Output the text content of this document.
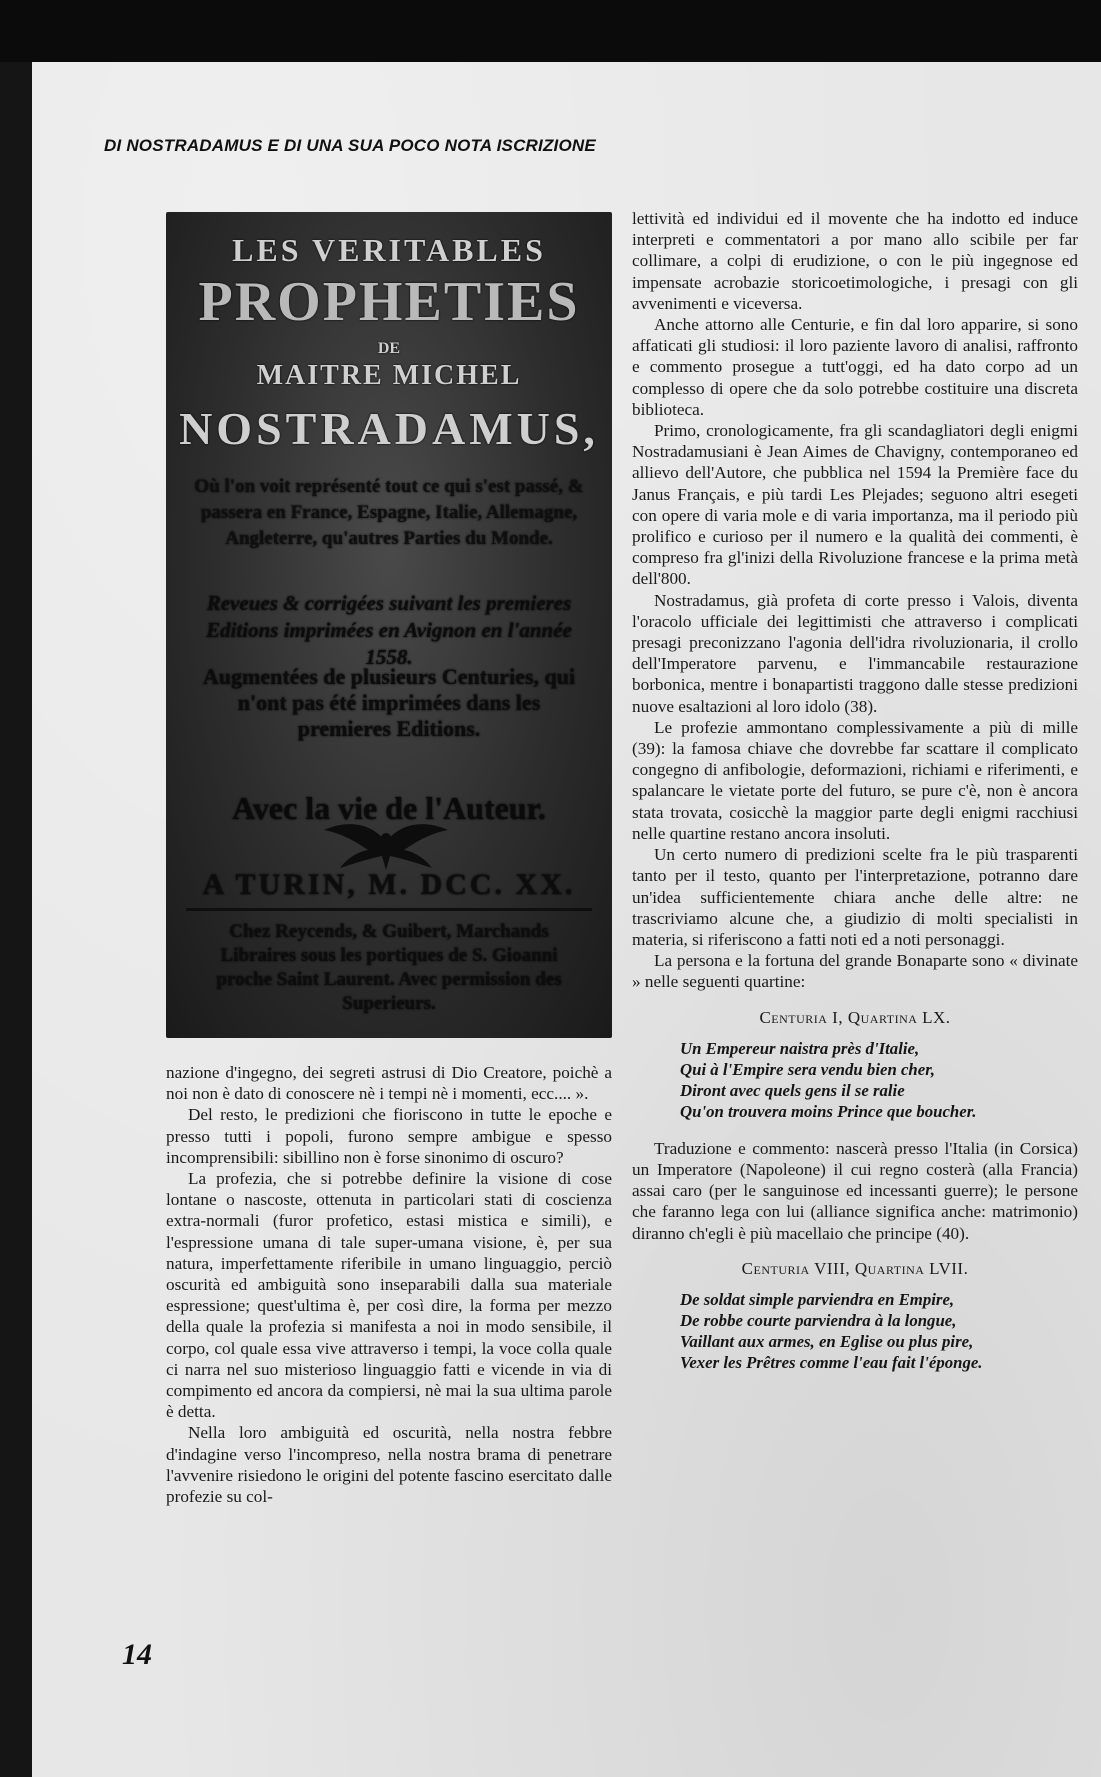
DI NOSTRADAMUS E DI UNA SUA POCO NOTA ISCRIZIONE
LES VERITABLES
PROPHETIES
DE
MAITRE MICHEL
NOSTRADAMUS,
Où l'on voit représenté tout ce qui s'est passé, & passera en France, Espagne, Italie, Allemagne, Angleterre, qu'autres Parties du Monde.
Reveues & corrigées suivant les premieres Editions imprimées en Avignon en l'année 1558.
Augmentées de plusieurs Centuries, qui n'ont pas été imprimées dans les premieres Editions.
Avec la vie de l'Auteur.
A TURIN, M. DCC. XX.
Chez Reycends, & Guibert, Marchands Libraires sous les portiques de S. Gioanni proche Saint Laurent. Avec permission des Superieurs.

nazione d'ingegno, dei segreti astrusi di Dio Creatore, poichè a noi non è dato di conoscere nè i tempi nè i momenti, ecc.... ».

Del resto, le predizioni che fioriscono in tutte le epoche e presso tutti i popoli, furono sempre ambigue e spesso incomprensibili: sibillino non è forse sinonimo di oscuro?

La profezia, che si potrebbe definire la visione di cose lontane o nascoste, ottenuta in particolari stati di coscienza extra-normali (furor profetico, estasi mistica e simili), e l'espressione umana di tale super-umana visione, è, per sua natura, imperfettamente riferibile in umano linguaggio, perciò oscurità ed ambiguità sono inseparabili dalla sua materiale espressione; quest'ultima è, per così dire, la forma per mezzo della quale la profezia si manifesta a noi in modo sensibile, il corpo, col quale essa vive attraverso i tempi, la voce colla quale ci narra nel suo misterioso linguaggio fatti e vicende in via di compimento ed ancora da compiersi, nè mai la sua ultima parole è detta.

Nella loro ambiguità ed oscurità, nella nostra febbre d'indagine verso l'incompreso, nella nostra brama di penetrare l'avvenire risiedono le origini del potente fascino esercitato dalle profezie su col-

lettività ed individui ed il movente che ha indotto ed induce interpreti e commentatori a por mano allo scibile per far collimare, a colpi di erudizione, o con le più ingegnose ed impensate acrobazie storicoetimologiche, i presagi con gli avvenimenti e viceversa.

Anche attorno alle Centurie, e fin dal loro apparire, si sono affaticati gli studiosi: il loro paziente lavoro di analisi, raffronto e commento prosegue a tutt'oggi, ed ha dato corpo ad un complesso di opere che da solo potrebbe costituire una discreta biblioteca.

Primo, cronologicamente, fra gli scandagliatori degli enigmi Nostradamusiani è Jean Aimes de Chavigny, contemporaneo ed allievo dell'Autore, che pubblica nel 1594 la Première face du Janus Français, e più tardi Les Plejades; seguono altri esegeti con opere di varia mole e di varia importanza, ma il periodo più prolifico e curioso per il numero e la qualità dei commenti, è compreso fra gl'inizi della Rivoluzione francese e la prima metà dell'800.

Nostradamus, già profeta di corte presso i Valois, diventa l'oracolo ufficiale dei legittimisti che attraverso i complicati presagi preconizzano l'agonia dell'idra rivoluzionaria, il crollo dell'Imperatore parvenu, e l'immancabile restaurazione borbonica, mentre i bonapartisti traggono dalle stesse predizioni nuove esaltazioni al loro idolo (38).

Le profezie ammontano complessivamente a più di mille (39): la famosa chiave che dovrebbe far scattare il complicato congegno di anfibologie, deformazioni, richiami e riferimenti, e spalancare le vietate porte del futuro, se pure c'è, non è ancora stata trovata, cosicchè la maggior parte degli enigmi racchiusi nelle quartine restano ancora insoluti.

Un certo numero di predizioni scelte fra le più trasparenti tanto per il testo, quanto per l'interpretazione, potranno dare un'idea sufficientemente chiara anche delle altre: ne trascriviamo alcune che, a giudizio di molti specialisti in materia, si riferiscono a fatti noti ed a noti personaggi.

La persona e la fortuna del grande Bonaparte sono « divinate » nelle seguenti quartine:

Centuria I, Quartina LX.
Un Empereur naistra près d'Italie,
Qui à l'Empire sera vendu bien cher,
Diront avec quels gens il se ralie
Qu'on trouvera moins Prince que boucher.

Traduzione e commento: nascerà presso l'Italia (in Corsica) un Imperatore (Napoleone) il cui regno costerà (alla Francia) assai caro (per le sanguinose ed incessanti guerre); le persone che faranno lega con lui (alliance significa anche: matrimonio) diranno ch'egli è più macellaio che principe (40).

Centuria VIII, Quartina LVII.
De soldat simple parviendra en Empire,
De robbe courte parviendra à la longue,
Vaillant aux armes, en Eglise ou plus pire,
Vexer les Prêtres comme l'eau fait l'éponge.
14
